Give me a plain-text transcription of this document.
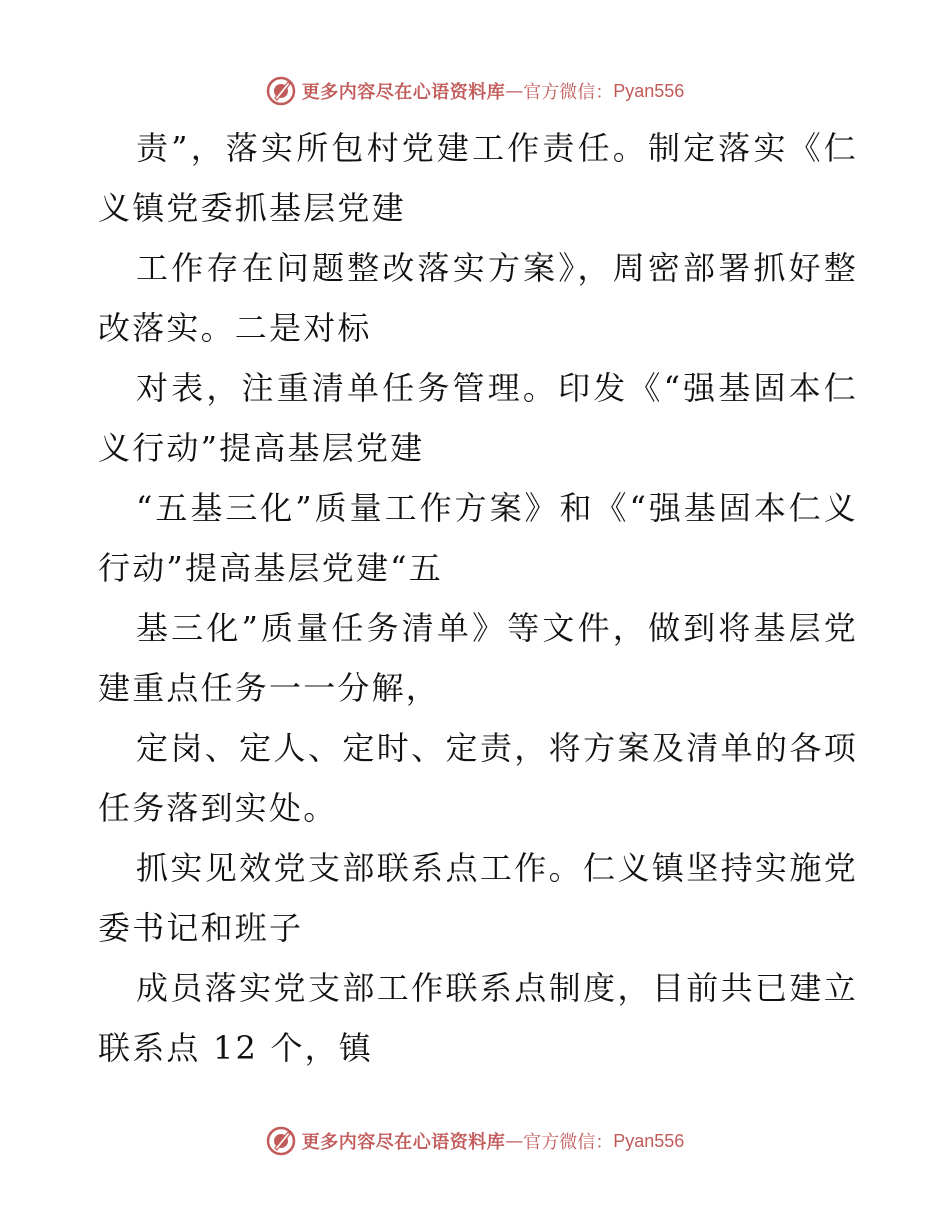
更多内容尽在心语资料库 — 官方微信： Pyan556

责”，落实所包村党建工作责任。制定落实《仁义镇党委抓基层党建

工作存在问题整改落实方案》，周密部署抓好整改落实。二是对标

对表，注重清单任务管理。印发《“强基固本仁义行动”提高基层党建

“五基三化”质量工作方案》和《“强基固本仁义行动”提高基层党建“五

基三化”质量任务清单》等文件，做到将基层党建重点任务一一分解，

定岗、定人、定时、定责，将方案及清单的各项任务落到实处。

抓实见效党支部联系点工作。仁义镇坚持实施党委书记和班子

成员落实党支部工作联系点制度，目前共已建立联系点 12 个，镇

更多内容尽在心语资料库 — 官方微信： Pyan556
